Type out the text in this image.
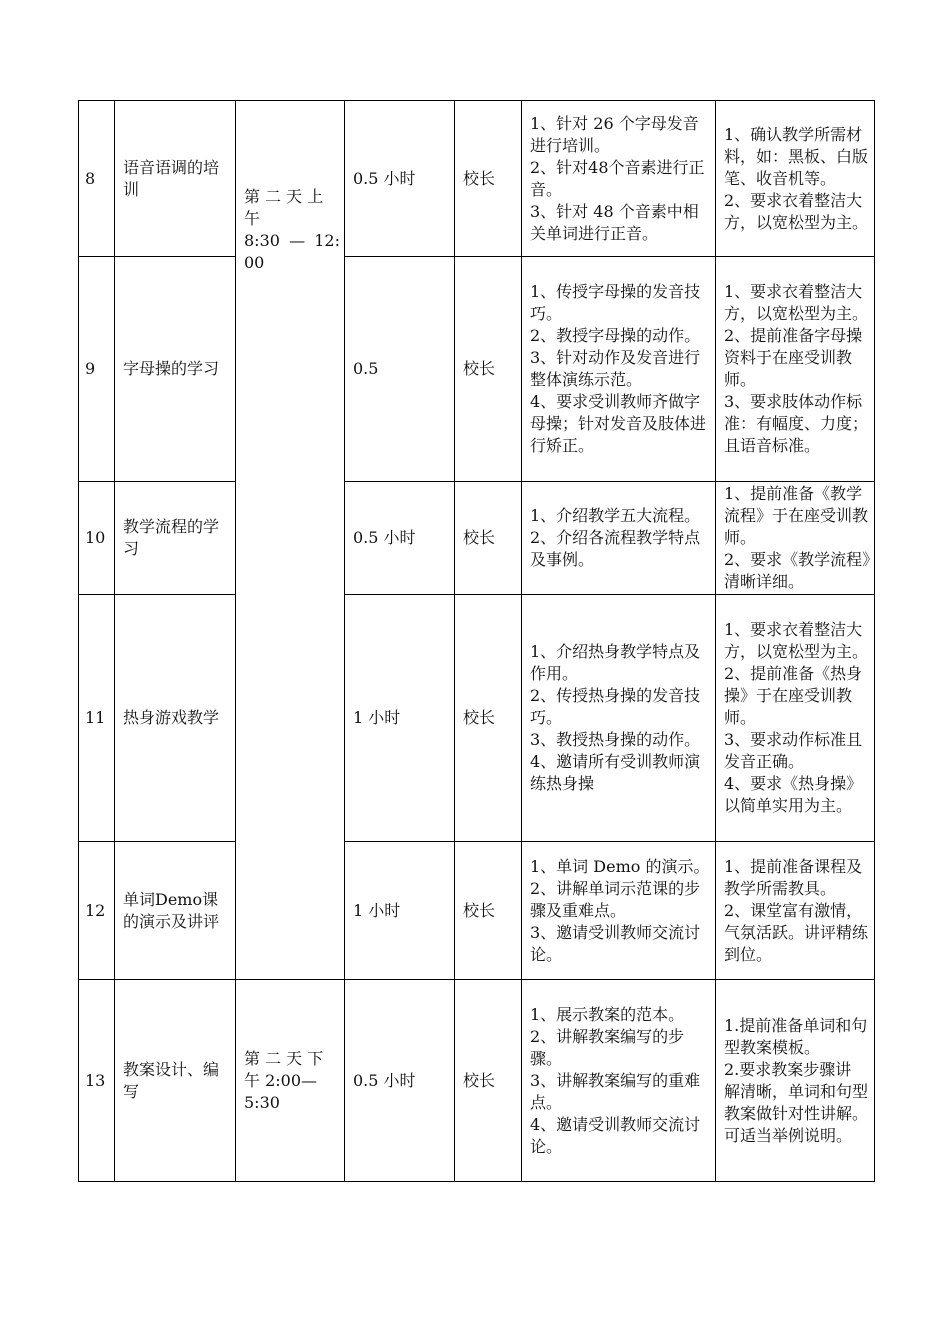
8	语音语调的培训	第 二 天 上
午
8:30 — 12:00	0.5 小时	校长	1、针对 26 个字母发音进行培训。
2、针对48个音素进行正音。
3、针对 48 个音素中相关单词进行正音。	1、确认教学所需材料，如：黑板、白版笔、收音机等。
2、要求衣着整洁大方，以宽松型为主。

9	字母操的学习		0.5	校长	1、传授字母操的发音技巧。
2、教授字母操的动作。
3、针对动作及发音进行整体演练示范。
4、要求受训教师齐做字母操；针对发音及肢体进行矫正。	1、要求衣着整洁大方，以宽松型为主。
2、提前准备字母操资料于在座受训教师。
3、要求肢体动作标准：有幅度、力度；且语音标准。

10	教学流程的学习		0.5 小时	校长	1、介绍教学五大流程。
2、介绍各流程教学特点及事例。	1、提前准备《教学流程》于在座受训教师。
2、要求《教学流程》清晰详细。

11	热身游戏教学		1 小时	校长	1、介绍热身教学特点及作用。
2、传授热身操的发音技巧。
3、教授热身操的动作。
4、邀请所有受训教师演练热身操	1、要求衣着整洁大方，以宽松型为主。
2、提前准备《热身操》于在座受训教师。
3、要求动作标准且发音正确。
4、要求《热身操》以简单实用为主。

12	单词Demo课的演示及讲评		1 小时	校长	1、单词 Demo 的演示。
2、讲解单词示范课的步骤及重难点。
3、邀请受训教师交流讨论。	1、提前准备课程及教学所需教具。
2、课堂富有激情，气氛活跃。讲评精练到位。

13	教案设计、编写	第 二 天 下
午 2:00—
5:30	0.5 小时	校长	1、展示教案的范本。
2、讲解教案编写的步骤。
3、讲解教案编写的重难点。
4、邀请受训教师交流讨论。	1.提前准备单词和句型教案模板。
2.要求教案步骤讲
解清晰，单词和句型教案做针对性讲解。可适当举例说明。
